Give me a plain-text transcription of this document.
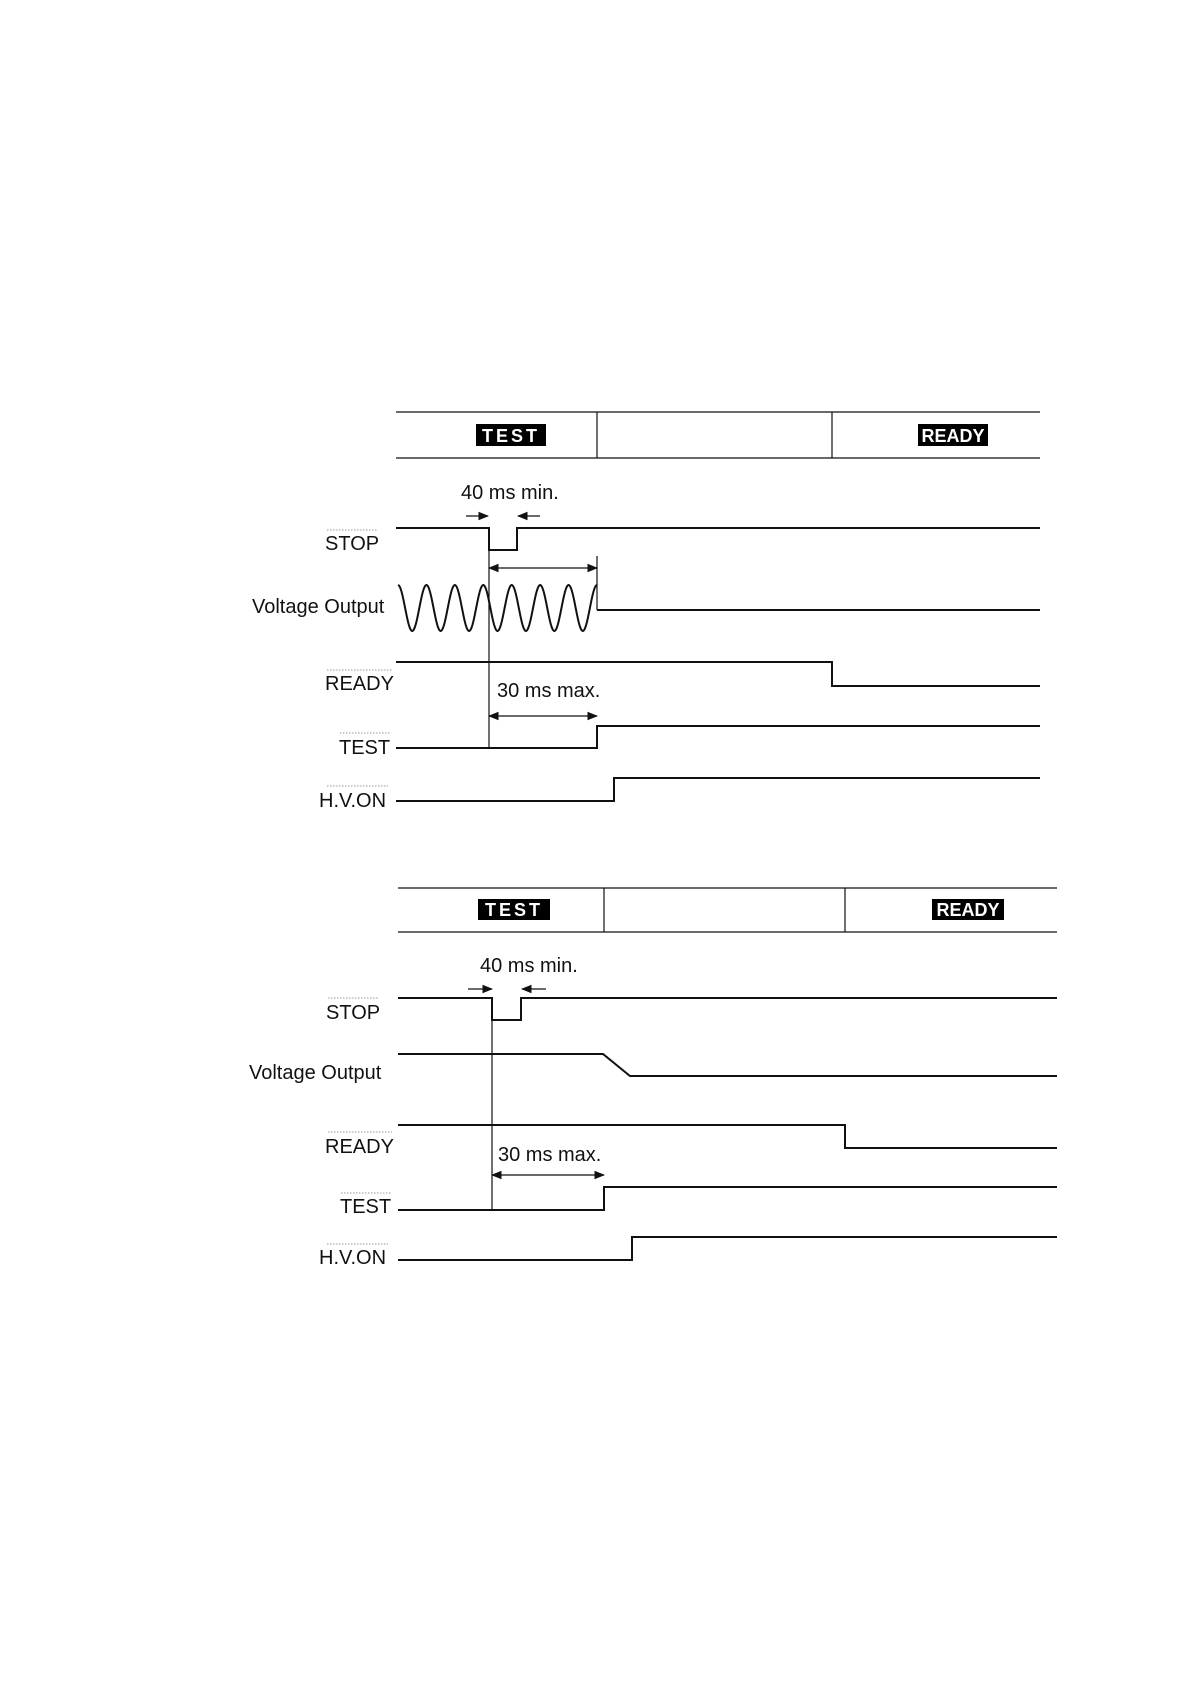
TEST	READY
40 ms min.
STOP
Voltage Output
READY	30 ms max.
TEST
H.V.ON
TEST	READY
40 ms min.
STOP
Voltage Output
READY	30 ms max.
TEST
H.V.ON
